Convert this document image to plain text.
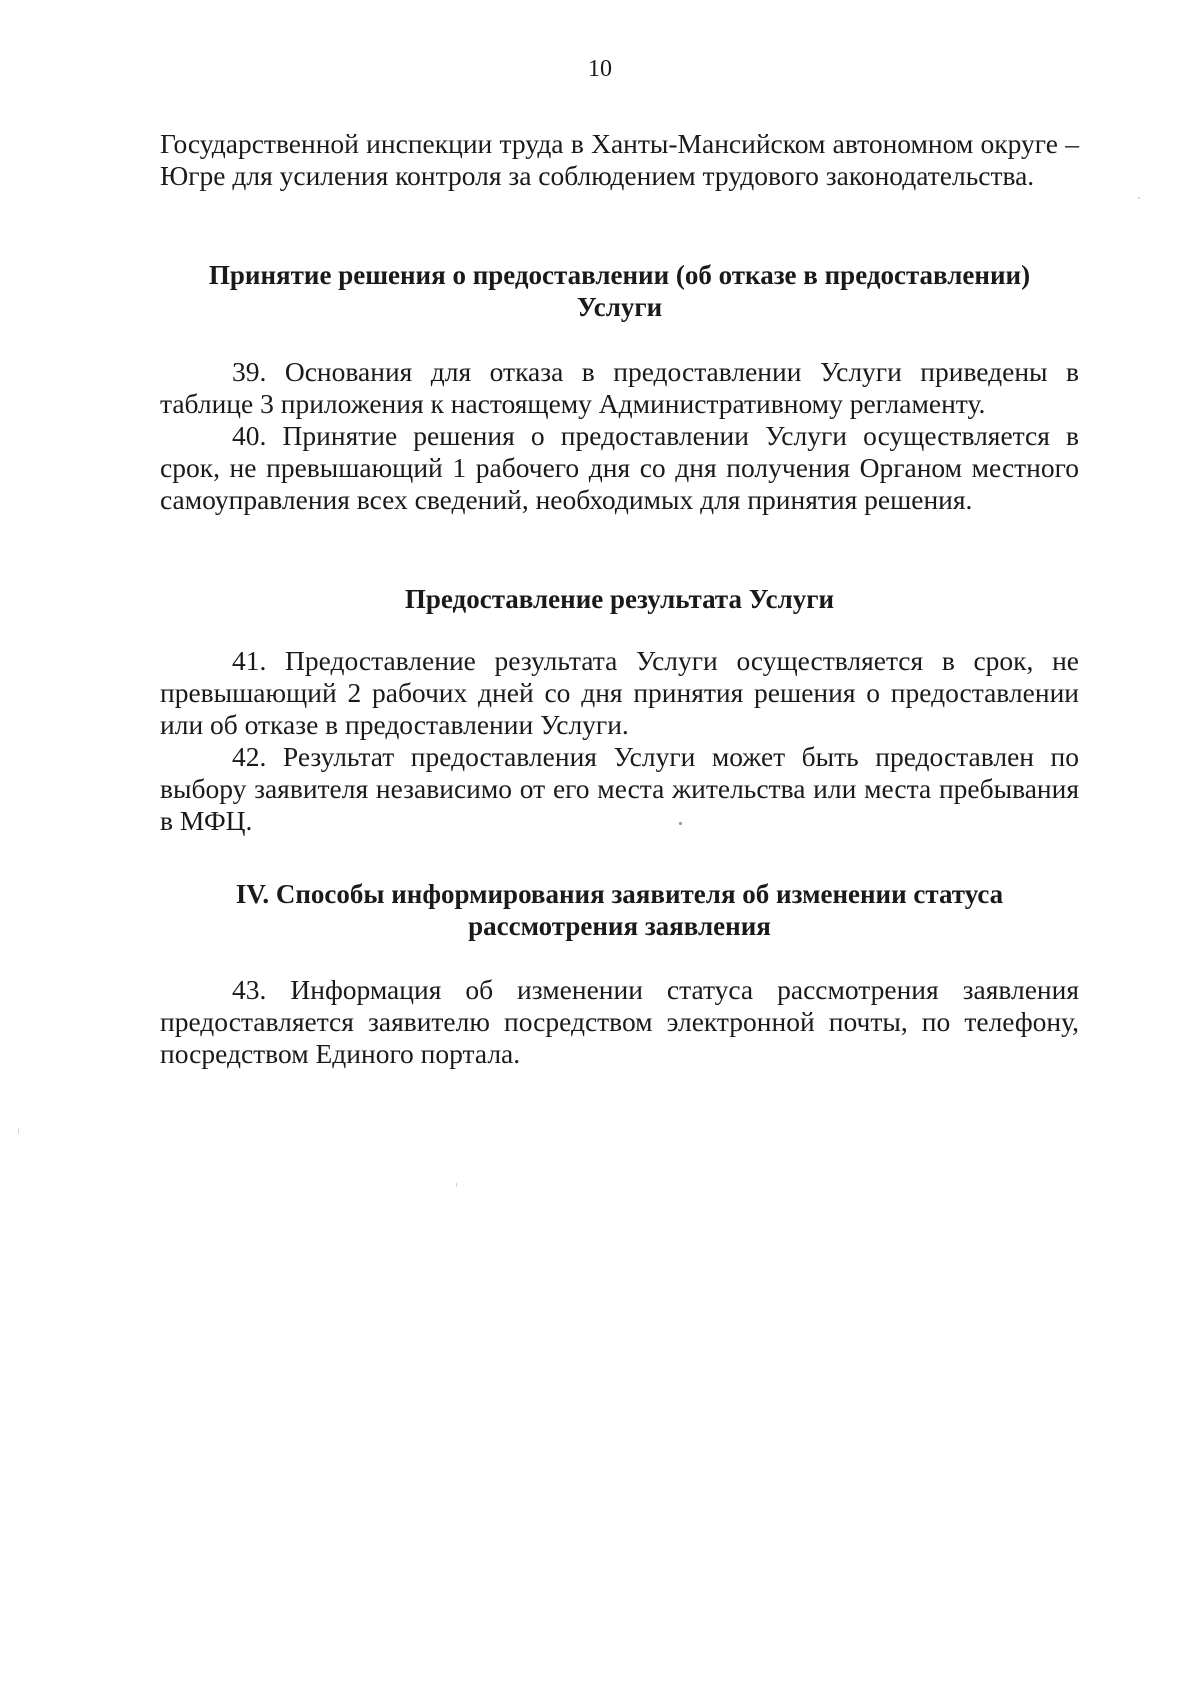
10

Государственной инспекции труда в Ханты-Мансийском автономном округе – Югре для усиления контроля за соблюдением трудового законодательства.

Принятие решения о предоставлении (об отказе в предоставлении)

Услуги

39. Основания для отказа в предоставлении Услуги приведены в таблице 3 приложения к настоящему Административному регламенту.

40. Принятие решения о предоставлении Услуги осуществляется в срок, не превышающий 1 рабочего дня со дня получения Органом местного самоуправления всех сведений, необходимых для принятия решения.

Предоставление результата Услуги

41. Предоставление результата Услуги осуществляется в срок, не превышающий 2 рабочих дней со дня принятия решения о предоставлении или об отказе в предоставлении Услуги.

42. Результат предоставления Услуги может быть предоставлен по выбору заявителя независимо от его места жительства или места пребывания в МФЦ.

IV. Способы информирования заявителя об изменении статуса

рассмотрения заявления

43. Информация об изменении статуса рассмотрения заявления предоставляется заявителю посредством электронной почты, по телефону, посредством Единого портала.
